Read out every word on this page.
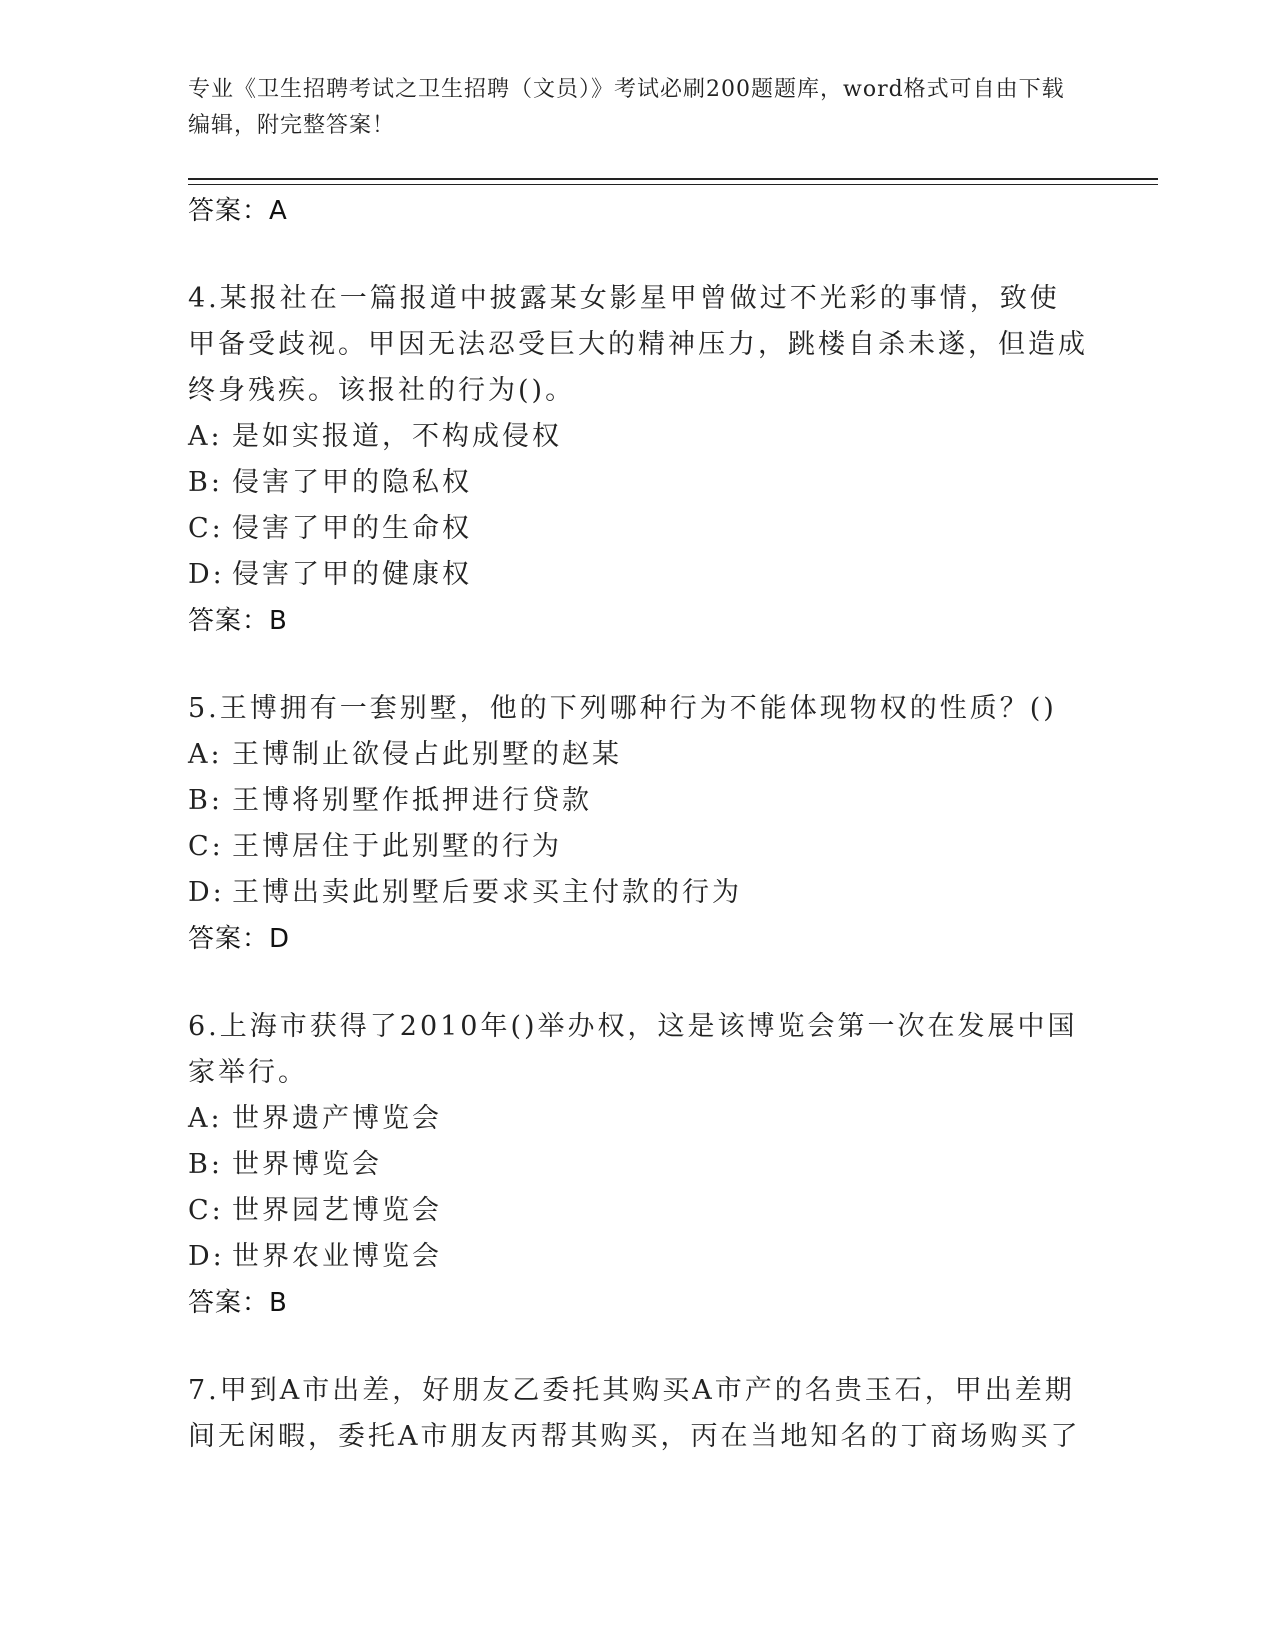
专业《卫生招聘考试之卫生招聘（文员）》考试必刷200题题库，word格式可自由下载编辑，附完整答案！
答案：A
4.某报社在一篇报道中披露某女影星甲曾做过不光彩的事情，致使甲备受歧视。甲因无法忍受巨大的精神压力，跳楼自杀未遂，但造成终身残疾。该报社的行为()。
A: 是如实报道，不构成侵权
B: 侵害了甲的隐私权
C: 侵害了甲的生命权
D: 侵害了甲的健康权
答案：B
5.王博拥有一套别墅，他的下列哪种行为不能体现物权的性质？()
A: 王博制止欲侵占此别墅的赵某
B: 王博将别墅作抵押进行贷款
C: 王博居住于此别墅的行为
D: 王博出卖此别墅后要求买主付款的行为
答案：D
6.上海市获得了2010年()举办权，这是该博览会第一次在发展中国家举行。
A: 世界遗产博览会
B: 世界博览会
C: 世界园艺博览会
D: 世界农业博览会
答案：B
7.甲到A市出差，好朋友乙委托其购买A市产的名贵玉石，甲出差期间无闲暇，委托A市朋友丙帮其购买，丙在当地知名的丁商场购买了
